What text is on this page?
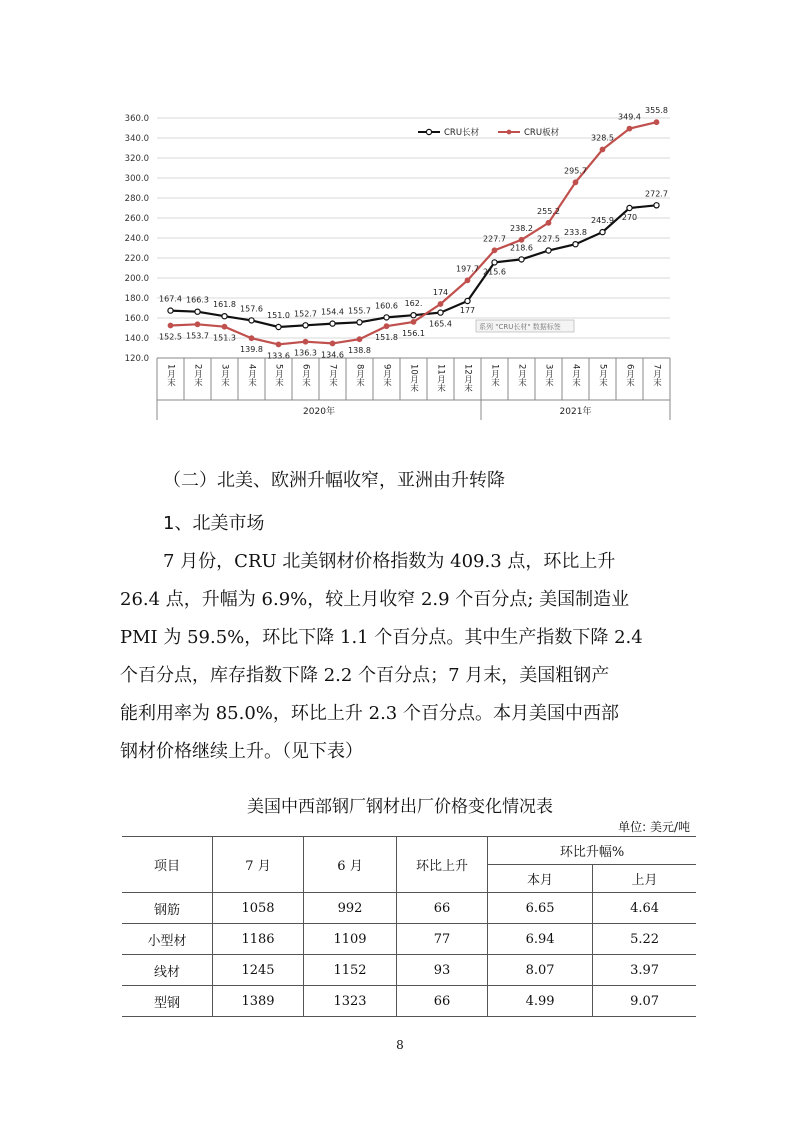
120.0
140.0
160.0
180.0
200.0
220.0
240.0
260.0
280.0
300.0
320.0
340.0
360.0
2020年	2021年
1月末 2月末 3月末 4月末 5月末 6月末 7月末 8月末 9月末 10月末 11月末 12月末 1月末 2月末 3月末 4月末 5月末 6月末 7月末
167.4 166.3 161.8 157.6
151.0 152.7 154.4 155.7
160.6 162.
165.4
177
215.6
218.6
227.5
233.8
245.9 270
272.7
152.5 153.7 151.3
139.8
133.6 136.3 134.6 138.8
151.8 156.1
174
197.7
227.7
238.2
255.2
295.7
328.5
349.4
355.8
CRU长材	CRU板材
系列 "CRU长材" 数据标签
（二）北美、欧洲升幅收窄，亚洲由升转降
1、北美市场

7 月份，CRU 北美钢材价格指数为 409.3 点，环比上升
26.4 点，升幅为 6.9%，较上月收窄 2.9 个百分点; 美国制造业
PMI 为 59.5%，环比下降 1.1 个百分点。其中生产指数下降 2.4
个百分点，库存指数下降 2.2 个百分点；7 月末，美国粗钢产
能利用率为 85.0%，环比上升 2.3 个百分点。本月美国中西部
钢材价格继续上升。（见下表）

美国中西部钢厂钢材出厂价格变化情况表
单位: 美元/吨
项目	7 月	6 月	环比上升	环比升幅%	
				本月	上月
钢筋	1058	992	66	6.65	4.64
小型材	1186	1109	77	6.94	5.22
线材	1245	1152	93	8.07	3.97
型钢	1389	1323	66	4.99	9.07
8
